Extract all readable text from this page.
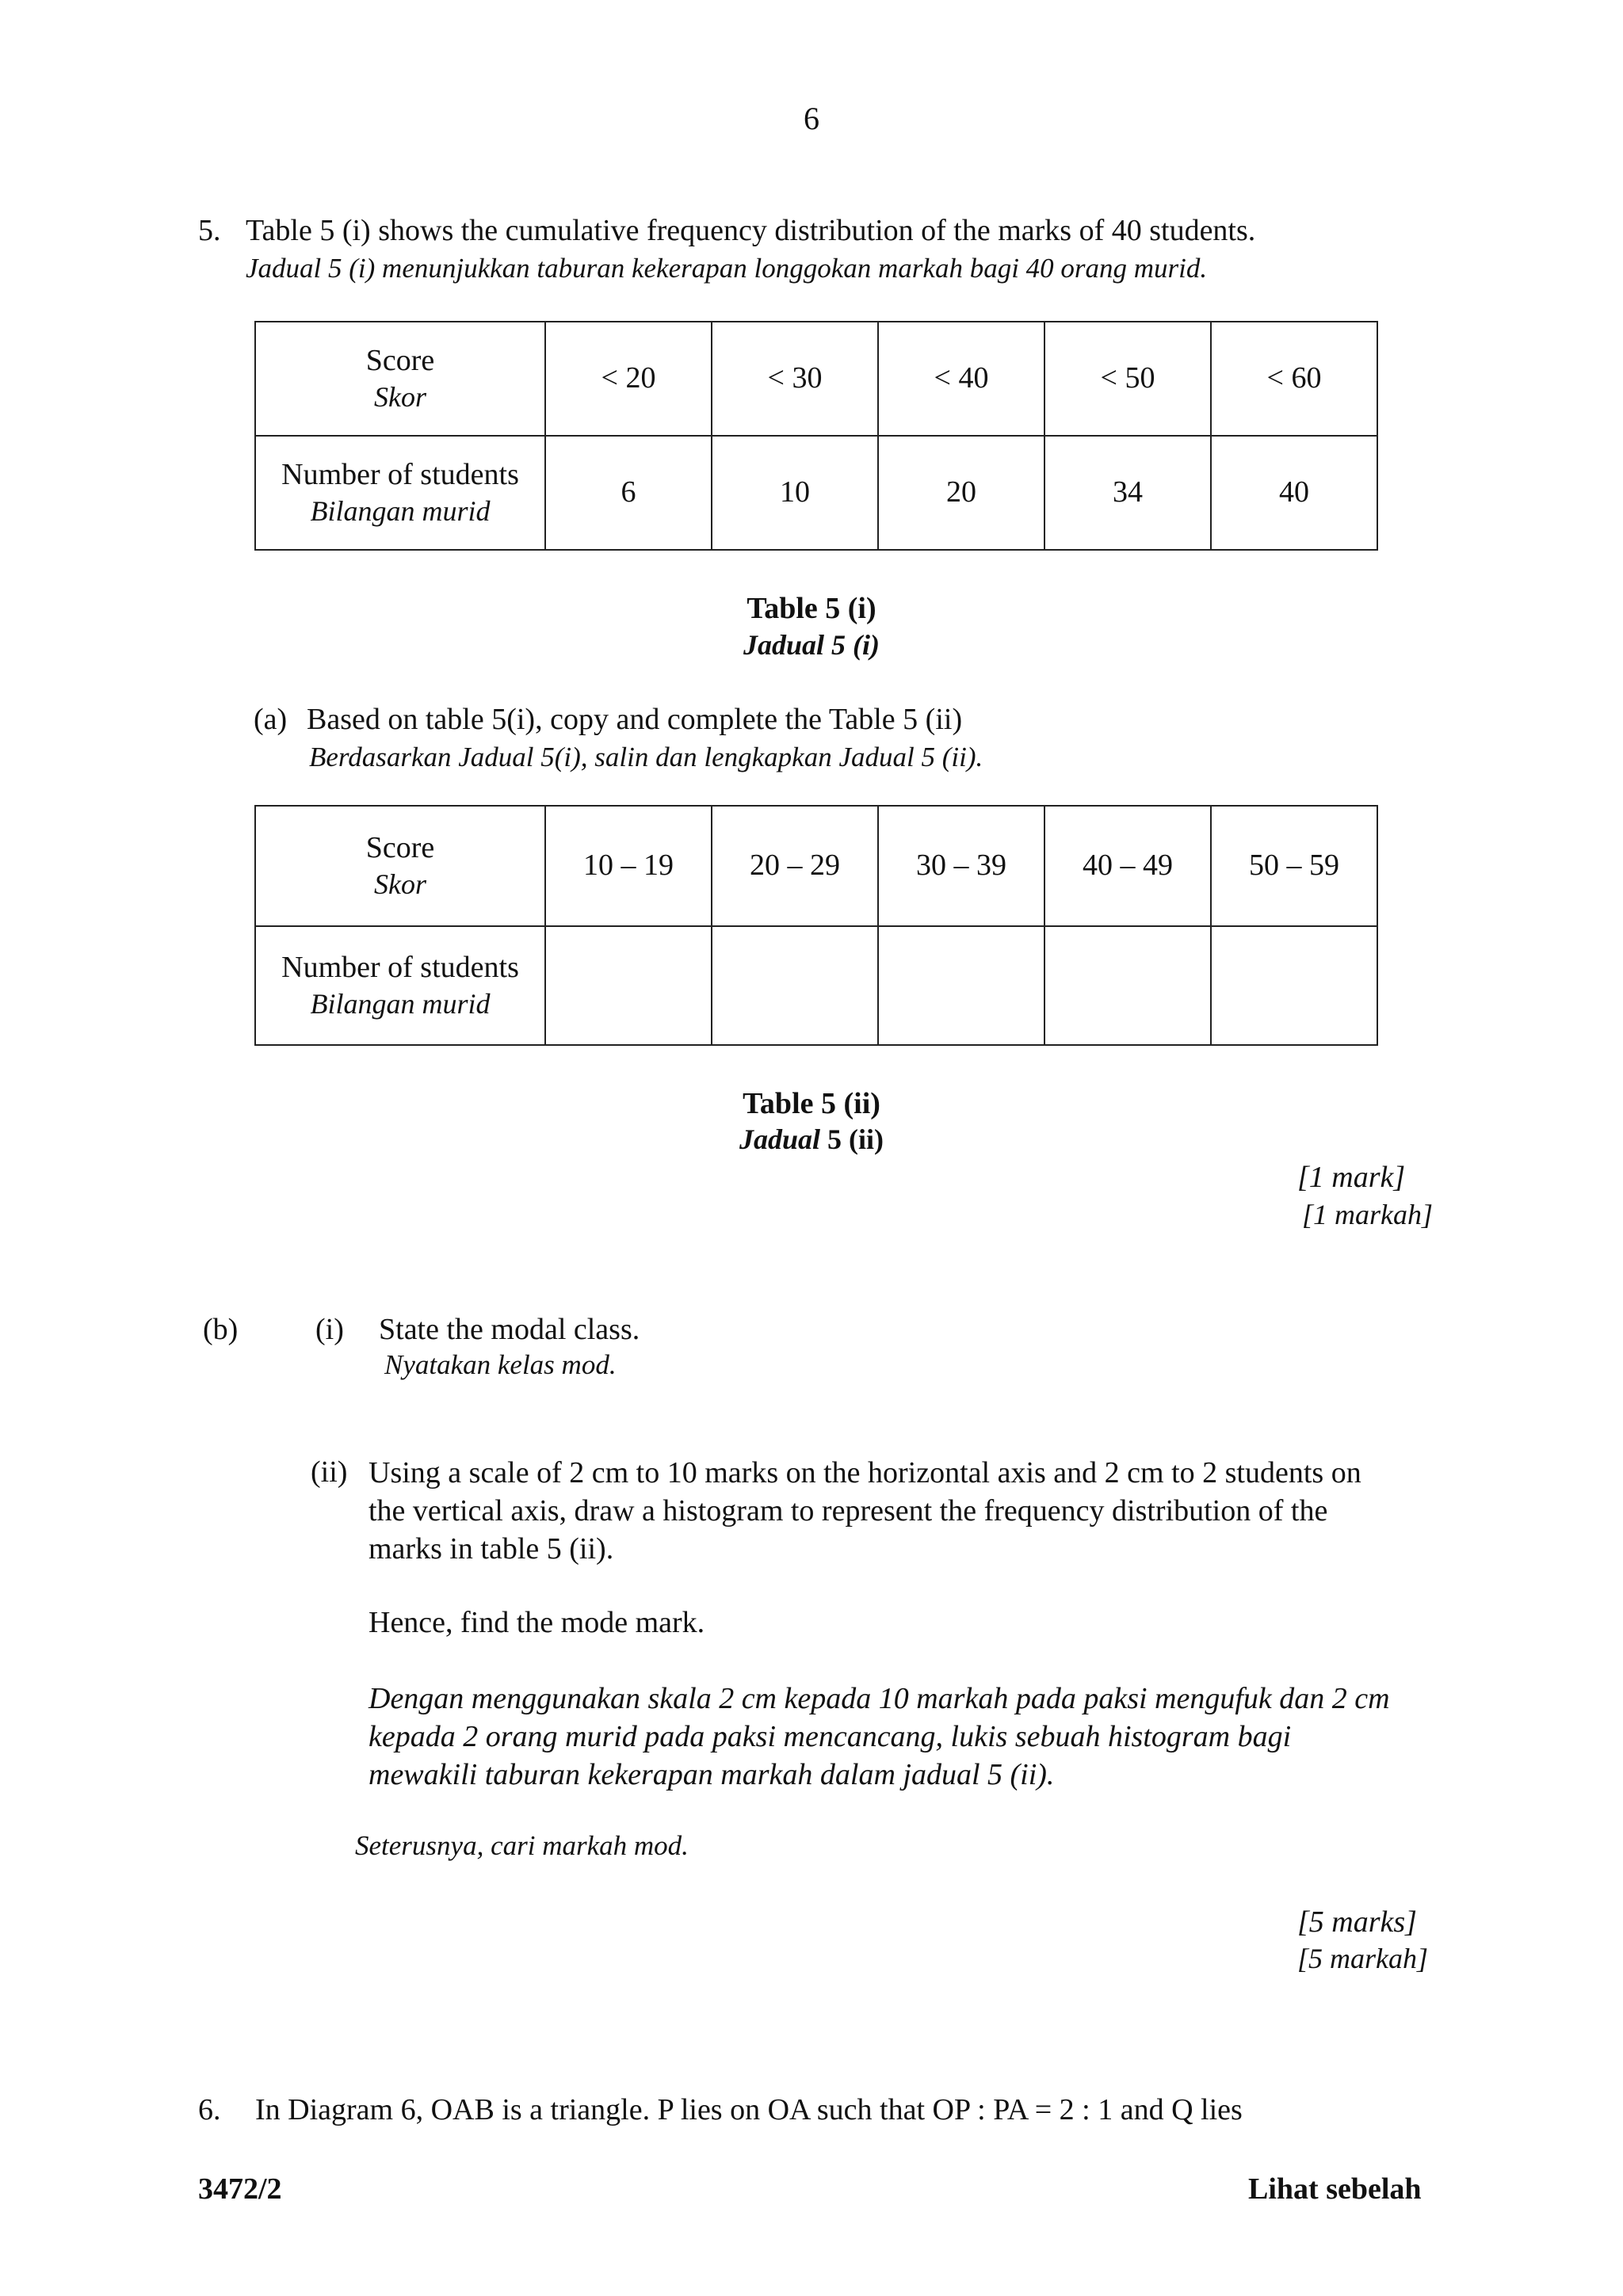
6
5. Table 5 (i) shows the cumulative frequency distribution of the marks of 40 students.
Jadual 5 (i) menunjukkan taburan kekerapan longgokan markah bagi 40 orang murid.
Score
Skor	< 20	< 30	< 40	< 50	< 60

Number of students
Bilangan murid	6	10	20	34	40
Table 5 (i)
Jadual 5 (i)
(a) Based on table 5(i), copy and complete the Table 5 (ii)
Berdasarkan Jadual 5(i), salin dan lengkapkan Jadual 5 (ii).
Score
Skor	10 – 19	20 – 29	30 – 39	40 – 49	50 – 59

Number of students
Bilangan murid					

Table 5 (ii)
Jadual 5 (ii)
[1 mark]
[1 markah]
(b)	(i) State the modal class.
Nyatakan kelas mod.
(ii) Using a scale of 2 cm to 10 marks on the horizontal axis and 2 cm to 2 students on the vertical axis, draw a histogram to represent the frequency distribution of the marks in table 5 (ii).
Hence, find the mode mark.
Dengan menggunakan skala 2 cm kepada 10 markah pada paksi mengufuk dan 2 cm kepada 2 orang murid pada paksi mencancang, lukis sebuah histogram bagi mewakili taburan kekerapan markah dalam jadual 5 (ii).
Seterusnya, cari markah mod.
[5 marks]
[5 markah]
6. In Diagram 6, OAB is a triangle. P lies on OA such that OP : PA = 2 : 1 and Q lies
3472/2	Lihat sebelah
